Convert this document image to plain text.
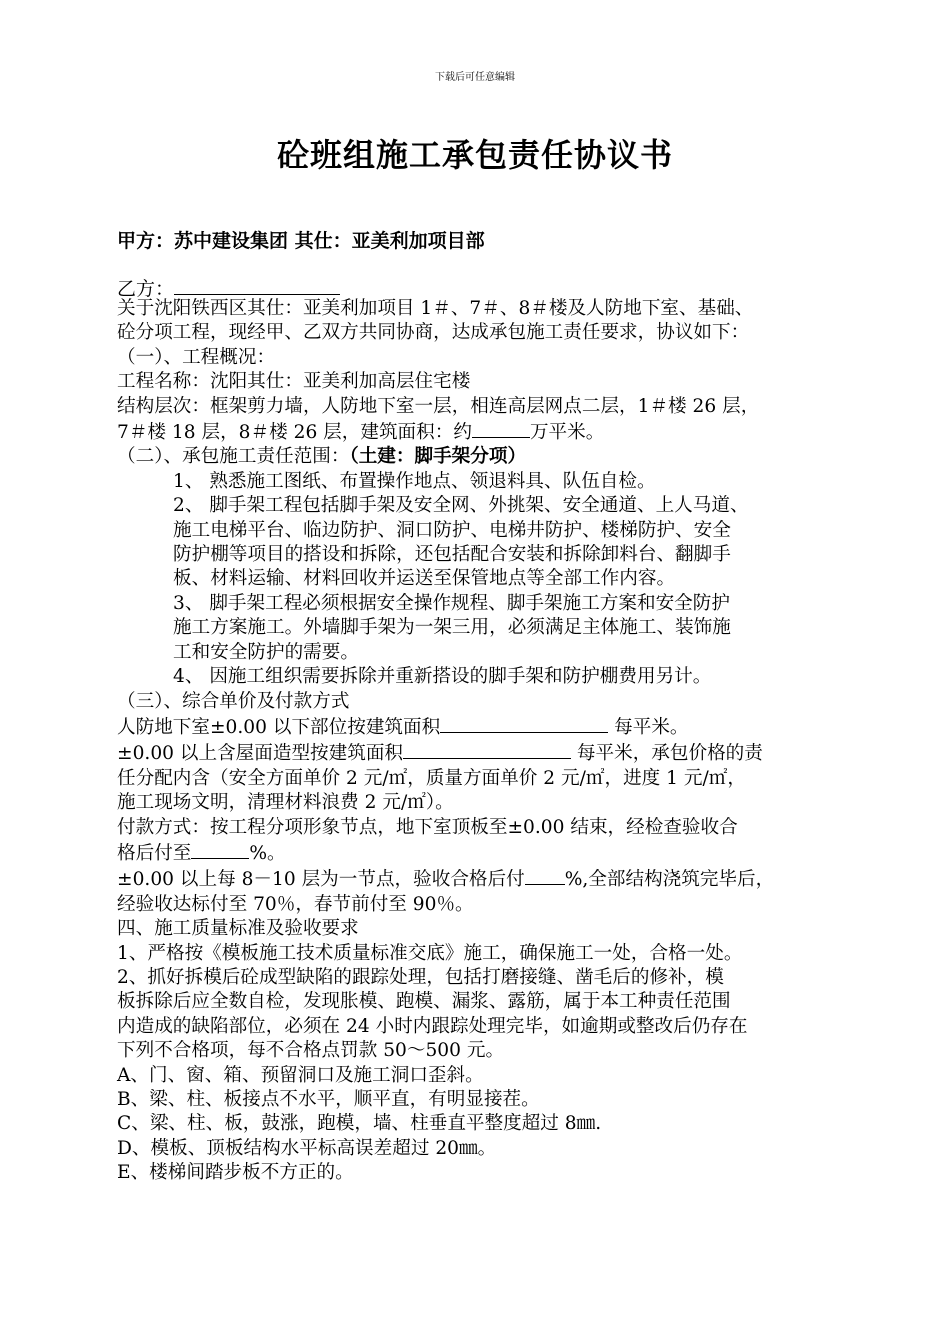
下载后可任意编辑
砼班组施工承包责任协议书
甲方：苏中建设集团 其仕：亚美利加项目部
乙方：

关于沈阳铁西区其仕：亚美利加项目 1＃、7＃、8＃楼及人防地下室、基础、

砼分项工程，现经甲、乙双方共同协商，达成承包施工责任要求，协议如下：

（一）、工程概况：

工程名称：沈阳其仕：亚美利加高层住宅楼

结构层次：框架剪力墙，人防地下室一层，相连高层网点二层，1＃楼 26 层，

7＃楼 18 层，8＃楼 26 层，建筑面积：约	万平米。

（二）、承包施工责任范围：（土建：脚手架分项）

1、 熟悉施工图纸、布置操作地点、领退料具、队伍自检。

2、 脚手架工程包括脚手架及安全网、外挑架、安全通道、上人马道、

施工电梯平台、临边防护、洞口防护、电梯井防护、楼梯防护、安全

防护棚等项目的搭设和拆除，还包括配合安装和拆除卸料台、翻脚手

板、材料运输、材料回收并运送至保管地点等全部工作内容。

3、 脚手架工程必须根据安全操作规程、脚手架施工方案和安全防护

施工方案施工。外墙脚手架为一架三用，必须满足主体施工、装饰施

工和安全防护的需要。

4、 因施工组织需要拆除并重新搭设的脚手架和防护棚费用另计。

（三）、综合单价及付款方式

人防地下室±0.00 以下部位按建筑面积	每平米。

±0.00 以上含屋面造型按建筑面积	每平米，承包价格的责

任分配内含（安全方面单价 2 元/㎡，质量方面单价 2 元/㎡，进度 1 元/㎡，

施工现场文明，清理材料浪费 2 元/㎡）。

付款方式：按工程分项形象节点，地下室顶板至±0.00 结束，经检查验收合

格后付至	%。

±0.00 以上每 8－10 层为一节点，验收合格后付 %,全部结构浇筑完毕后，

经验收达标付至 70％，春节前付至 90％。

四、施工质量标准及验收要求

1、严格按《模板施工技术质量标准交底》施工，确保施工一处，合格一处。

2、抓好拆模后砼成型缺陷的跟踪处理，包括打磨接缝、凿毛后的修补，模

板拆除后应全数自检，发现胀模、跑模、漏浆、露筋，属于本工种责任范围

内造成的缺陷部位，必须在 24 小时内跟踪处理完毕，如逾期或整改后仍存在

下列不合格项，每不合格点罚款 50～500 元。

A、门、窗、箱、预留洞口及施工洞口歪斜。

B、梁、柱、板接点不水平，顺平直，有明显接茬。

C、梁、柱、板，鼓涨，跑模，墙、柱垂直平整度超过 8㎜.

D、模板、顶板结构水平标高误差超过 20㎜。

E、楼梯间踏步板不方正的。
